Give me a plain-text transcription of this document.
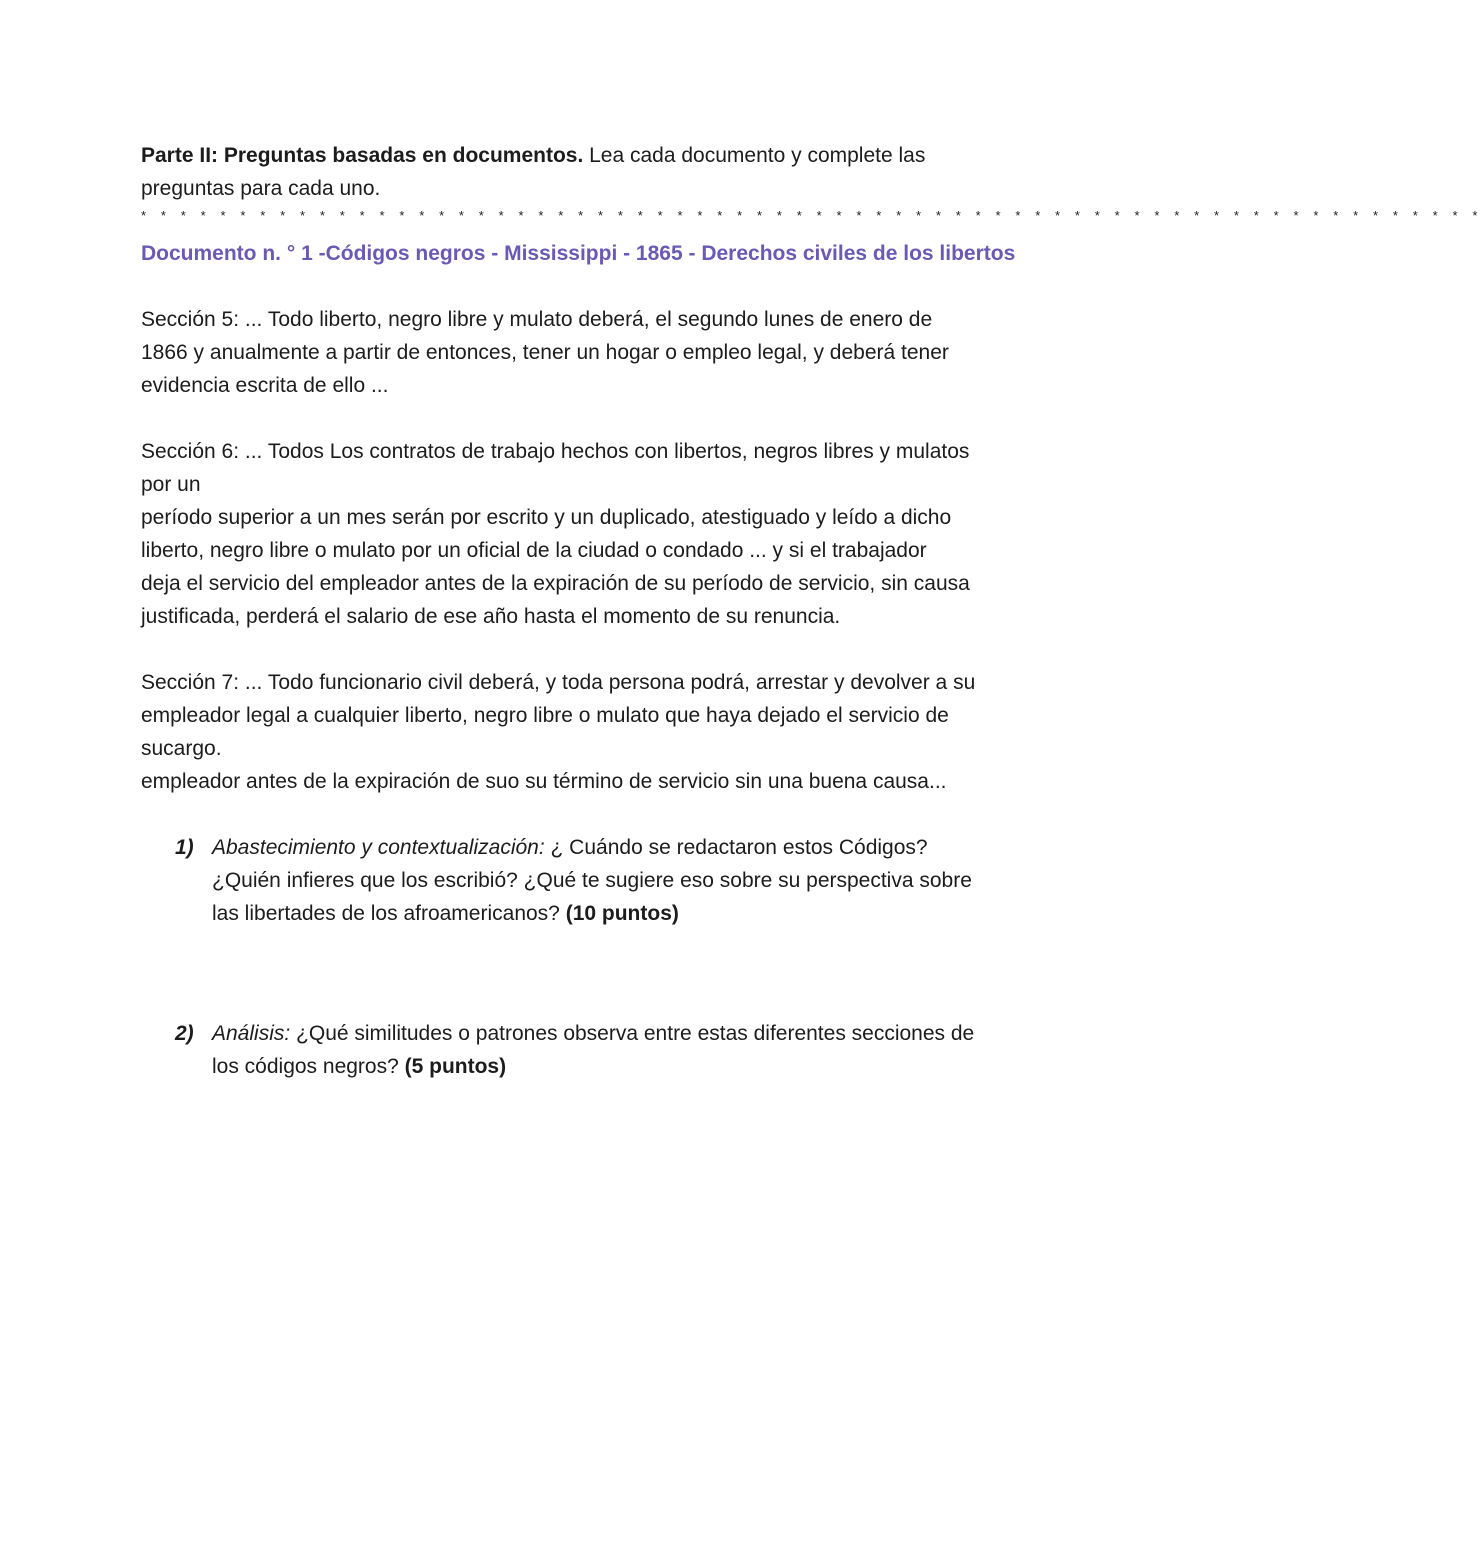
Parte II: Preguntas basadas en documentos. Lea cada documento y complete las
preguntas para cada uno.
* * * * * * * * * * * * * * * * * * * * * * * * * * * * * * * * * * * * * * * * * * * * * * * * * * * * * * * * * * * * * * * * * * * *
Documento n. ° 1 -Códigos negros - Mississippi - 1865 - Derechos civiles de los libertos
Sección 5: ... Todo liberto, negro libre y mulato deberá, el segundo lunes de enero de
1866 y anualmente a partir de entonces, tener un hogar o empleo legal, y deberá tener
evidencia escrita de ello ...
Sección 6: ... Todos Los contratos de trabajo hechos con libertos, negros libres y mulatos
por un
período superior a un mes serán por escrito y un duplicado, atestiguado y leído a dicho
liberto, negro libre o mulato por un oficial de la ciudad o condado ... y si el trabajador
deja el servicio del empleador antes de la expiración de su período de servicio, sin causa
justificada, perderá el salario de ese año hasta el momento de su renuncia.
Sección 7: ... Todo funcionario civil deberá, y toda persona podrá, arrestar y devolver a su
empleador legal a cualquier liberto, negro libre o mulato que haya dejado el servicio de
sucargo.
empleador antes de la expiración de suo su término de servicio sin una buena causa...
1) Abastecimiento y contextualización: ¿ Cuándo se redactaron estos Códigos?
¿Quién infieres que los escribió? ¿Qué te sugiere eso sobre su perspectiva sobre
las libertades de los afroamericanos? (10 puntos)
2) Análisis: ¿Qué similitudes o patrones observa entre estas diferentes secciones de
los códigos negros? (5 puntos)
